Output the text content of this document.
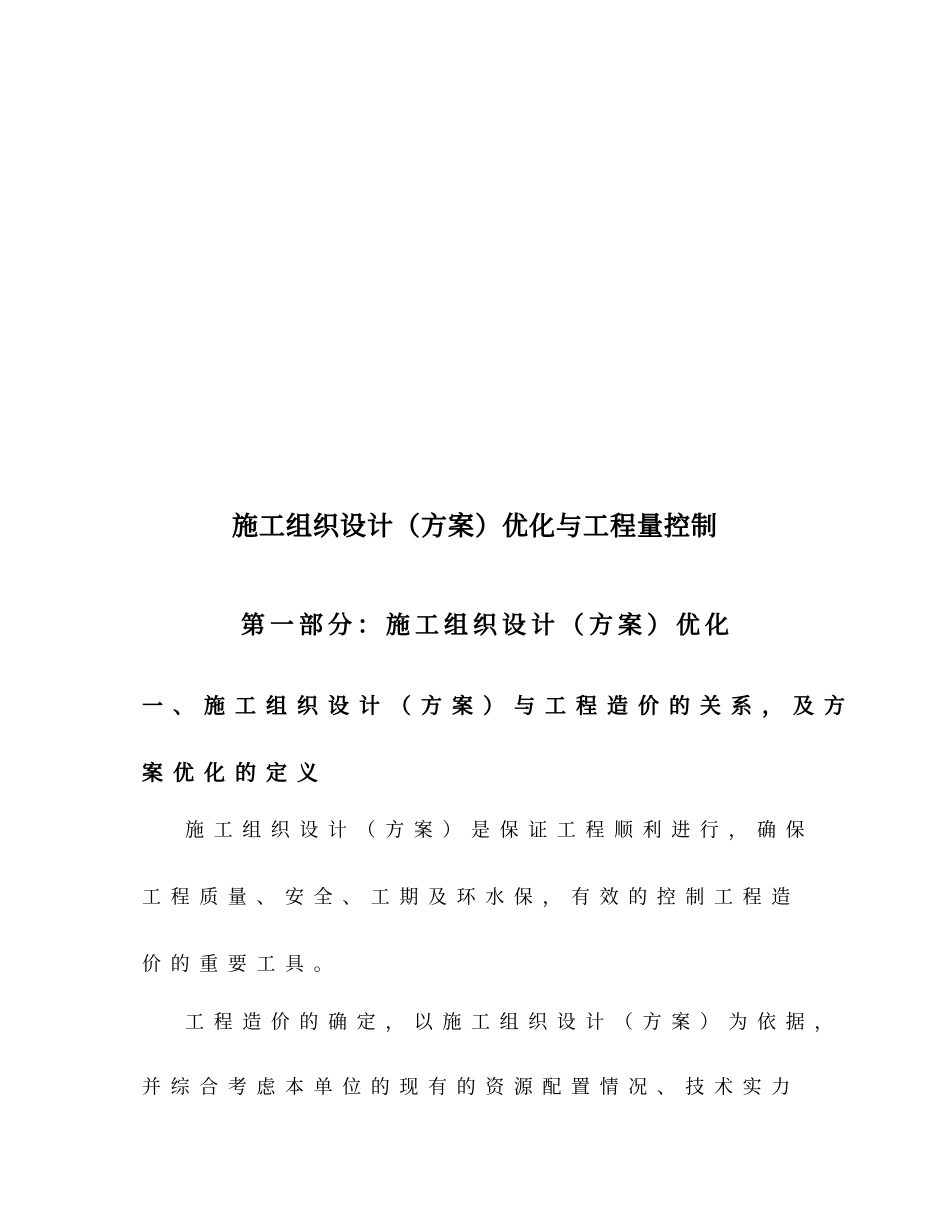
施工组织设计（方案）优化与工程量控制
第一部分：施工组织设计（方案）优化
一、施工组织设计（方案）与工程造价的关系，及方
案优化的定义
施工组织设计（方案）是保证工程顺利进行，确保
工程质量、安全、工期及环水保，有效的控制工程造
价的重要工具。
工程造价的确定，以施工组织设计（方案）为依据，
并综合考虑本单位的现有的资源配置情况、技术实力
